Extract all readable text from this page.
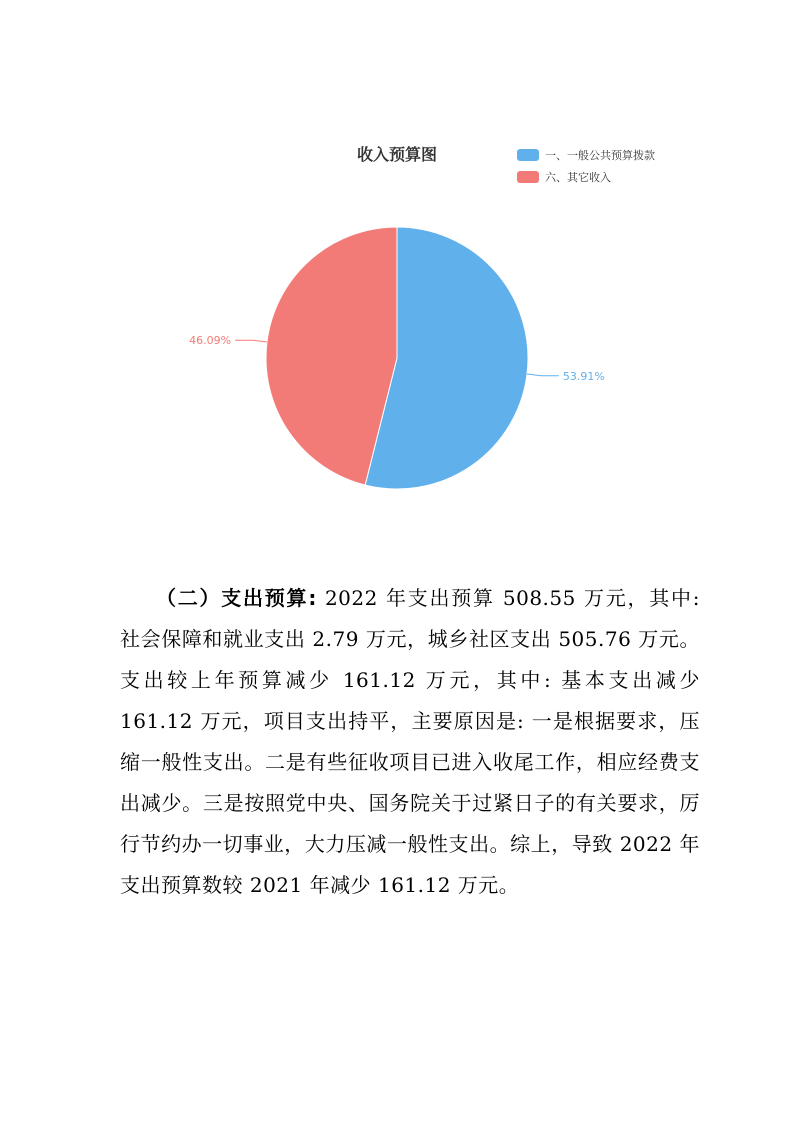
收入预算图	一、一般公共预算拨款
六、其它收入
53.91%
46.09%
（二）支出预算: 2022 年支出预算 508.55 万元，其中: 社会保障和就业支出 2.79 万元，城乡社区支出 505.76 万元。支出较上年预算减少 161.12 万元，其中: 基本支出减少 161.12 万元，项目支出持平，主要原因是: 一是根据要求，压缩一般性支出。二是有些征收项目已进入收尾工作，相应经费支出减少。三是按照党中央、国务院关于过紧日子的有关要求，厉行节约办一切事业，大力压减一般性支出。综上，导致 2022 年支出预算数较 2021 年减少 161.12 万元。
